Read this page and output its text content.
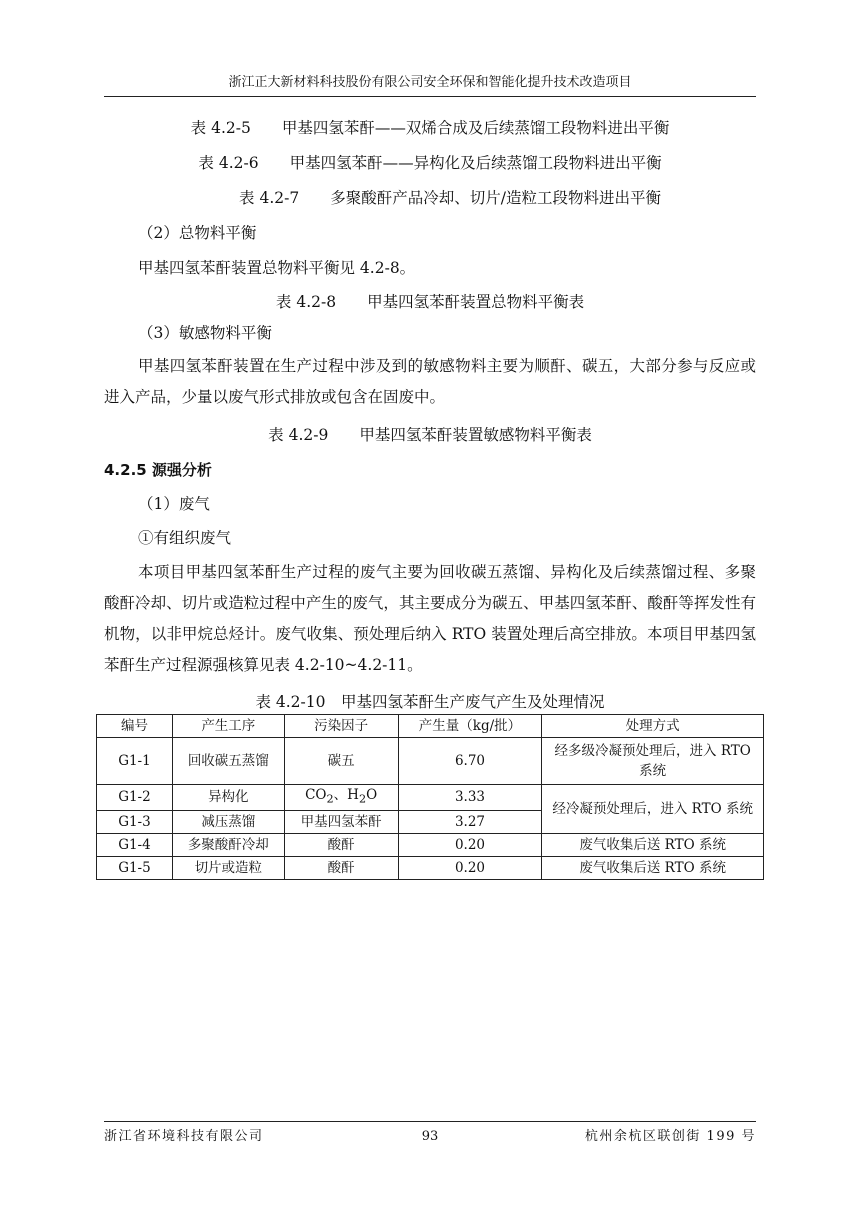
浙江正大新材料科技股份有限公司安全环保和智能化提升技术改造项目
表 4.2-5　　甲基四氢苯酐——双烯合成及后续蒸馏工段物料进出平衡
表 4.2-6　　甲基四氢苯酐——异构化及后续蒸馏工段物料进出平衡
表 4.2-7　　多聚酸酐产品冷却、切片/造粒工段物料进出平衡
（2）总物料平衡
甲基四氢苯酐装置总物料平衡见 4.2-8。
表 4.2-8　　甲基四氢苯酐装置总物料平衡表
（3）敏感物料平衡
甲基四氢苯酐装置在生产过程中涉及到的敏感物料主要为顺酐、碳五，大部分参与反应或进入产品，少量以废气形式排放或包含在固废中。
表 4.2-9　　甲基四氢苯酐装置敏感物料平衡表
4.2.5 源强分析
（1）废气
①有组织废气
本项目甲基四氢苯酐生产过程的废气主要为回收碳五蒸馏、异构化及后续蒸馏过程、多聚酸酐冷却、切片或造粒过程中产生的废气，其主要成分为碳五、甲基四氢苯酐、酸酐等挥发性有机物，以非甲烷总烃计。废气收集、预处理后纳入 RTO 装置处理后高空排放。本项目甲基四氢苯酐生产过程源强核算见表 4.2-10~4.2-11。
表 4.2-10　甲基四氢苯酐生产废气产生及处理情况
编号	产生工序	污染因子	产生量（kg/批）	处理方式
G1-1	回收碳五蒸馏	碳五	6.70	经多级冷凝预处理后，进入 RTO 系统
G1-2	异构化	$CO_2$、$H_2O$	3.33	经冷凝预处理后，进入 RTO 系统
G1-3	减压蒸馏	甲基四氢苯酐	3.27	
G1-4	多聚酸酐冷却	酸酐	0.20	废气收集后送 RTO 系统
G1-5	切片或造粒	酸酐	0.20	废气收集后送 RTO 系统
浙江省环境科技有限公司	93	杭州余杭区联创街 199 号
